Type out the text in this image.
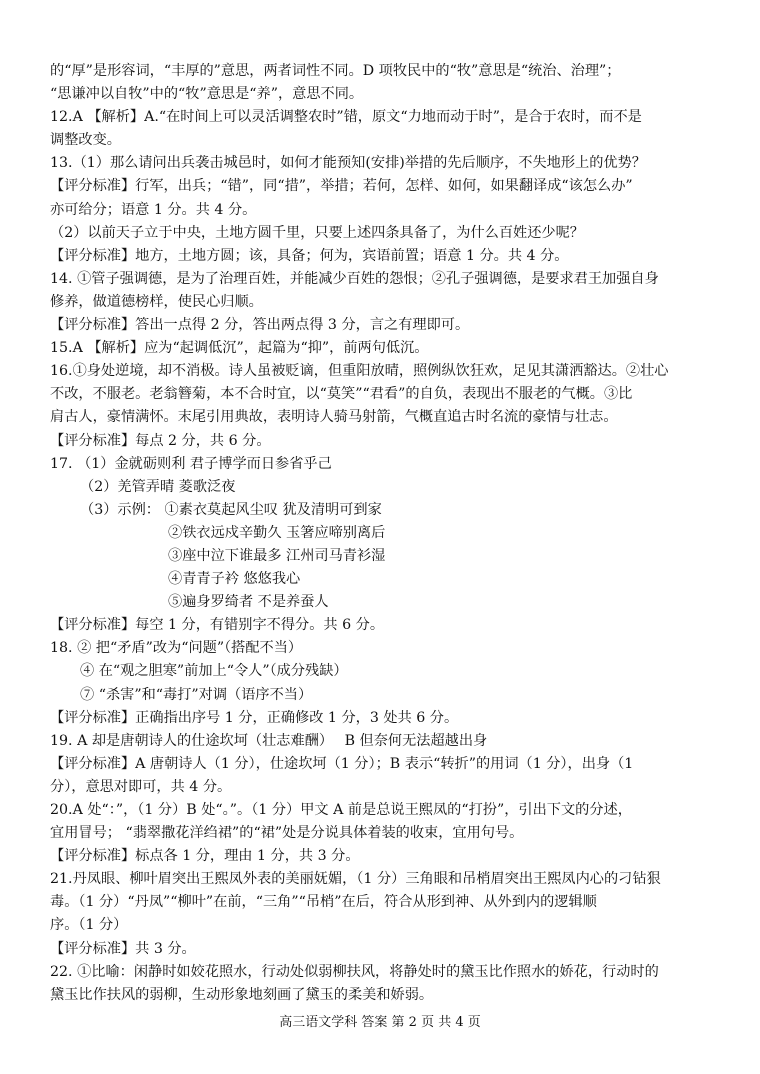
的“厚”是形容词，“丰厚的”意思，两者词性不同。D 项牧民中的“牧”意思是“统治、治理”；
“思谦冲以自牧”中的“牧”意思是“养”，意思不同。
12.A 【解析】A.“在时间上可以灵活调整农时”错，原文“力地而动于时”，是合于农时，而不是
调整改变。
13.（1）那么请问出兵袭击城邑时，如何才能预知(安排)举措的先后顺序，不失地形上的优势？
【评分标准】行军，出兵；“错”，同“措”，举措；若何，怎样、如何，如果翻译成“该怎么办”
亦可给分；语意 1 分。共 4 分。
（2）以前天子立于中央，土地方圆千里，只要上述四条具备了，为什么百姓还少呢？
【评分标准】地方，土地方圆；该，具备；何为，宾语前置；语意 1 分。共 4 分。
14. ①管子强调德，是为了治理百姓，并能减少百姓的怨恨；②孔子强调德，是要求君王加强自身
修养，做道德榜样，使民心归顺。
【评分标准】答出一点得 2 分，答出两点得 3 分，言之有理即可。
15.A 【解析】应为“起调低沉”，起篇为“抑”，前两句低沉。
16.①身处逆境，却不消极。诗人虽被贬谪，但重阳放晴，照例纵饮狂欢，足见其潇洒豁达。②壮心
不改，不服老。老翁簪菊，本不合时宜，以“莫笑”“君看”的自负，表现出不服老的气概。③比
肩古人，豪情满怀。末尾引用典故，表明诗人骑马射箭，气概直追古时名流的豪情与壮志。
【评分标准】每点 2 分，共 6 分。
17. （1）金就砺则利 君子博学而日参省乎己
（2）羌管弄晴 菱歌泛夜
（3）示例： ①素衣莫起风尘叹 犹及清明可到家
②铁衣远戍辛勤久 玉箸应啼别离后
③座中泣下谁最多 江州司马青衫湿
④青青子衿 悠悠我心
⑤遍身罗绮者 不是养蚕人
【评分标准】每空 1 分，有错别字不得分。共 6 分。
18. ② 把“矛盾”改为“问题”（搭配不当）
④ 在“观之胆寒”前加上“令人”（成分残缺）
⑦ “杀害”和“毒打”对调（语序不当）
【评分标准】正确指出序号 1 分，正确修改 1 分，3 处共 6 分。
19. A 却是唐朝诗人的仕途坎坷（壮志难酬）　 B 但奈何无法超越出身
【评分标准】A 唐朝诗人（1 分），仕途坎坷（1 分）；B 表示“转折”的用词（1 分），出身（1
分），意思对即可，共 4 分。
20.A 处“：”，（1 分）B 处“。”。（1 分）甲文 A 前是总说王熙凤的“打扮”，引出下文的分述，
宜用冒号； “翡翠撒花洋绉裙”的“裙”处是分说具体着装的收束，宜用句号。
【评分标准】标点各 1 分，理由 1 分，共 3 分。
21.丹凤眼、柳叶眉突出王熙凤外表的美丽妩媚，（1 分）三角眼和吊梢眉突出王熙凤内心的刁钻狠
毒。（1 分）“丹凤”“柳叶”在前，“三角”“吊梢”在后，符合从形到神、从外到内的逻辑顺
序。（1 分）
【评分标准】共 3 分。
22. ①比喻：闲静时如姣花照水，行动处似弱柳扶风，将静处时的黛玉比作照水的娇花，行动时的
黛玉比作扶风的弱柳，生动形象地刻画了黛玉的柔美和娇弱。
高三语文学科 答案 第 2 页 共 4 页
